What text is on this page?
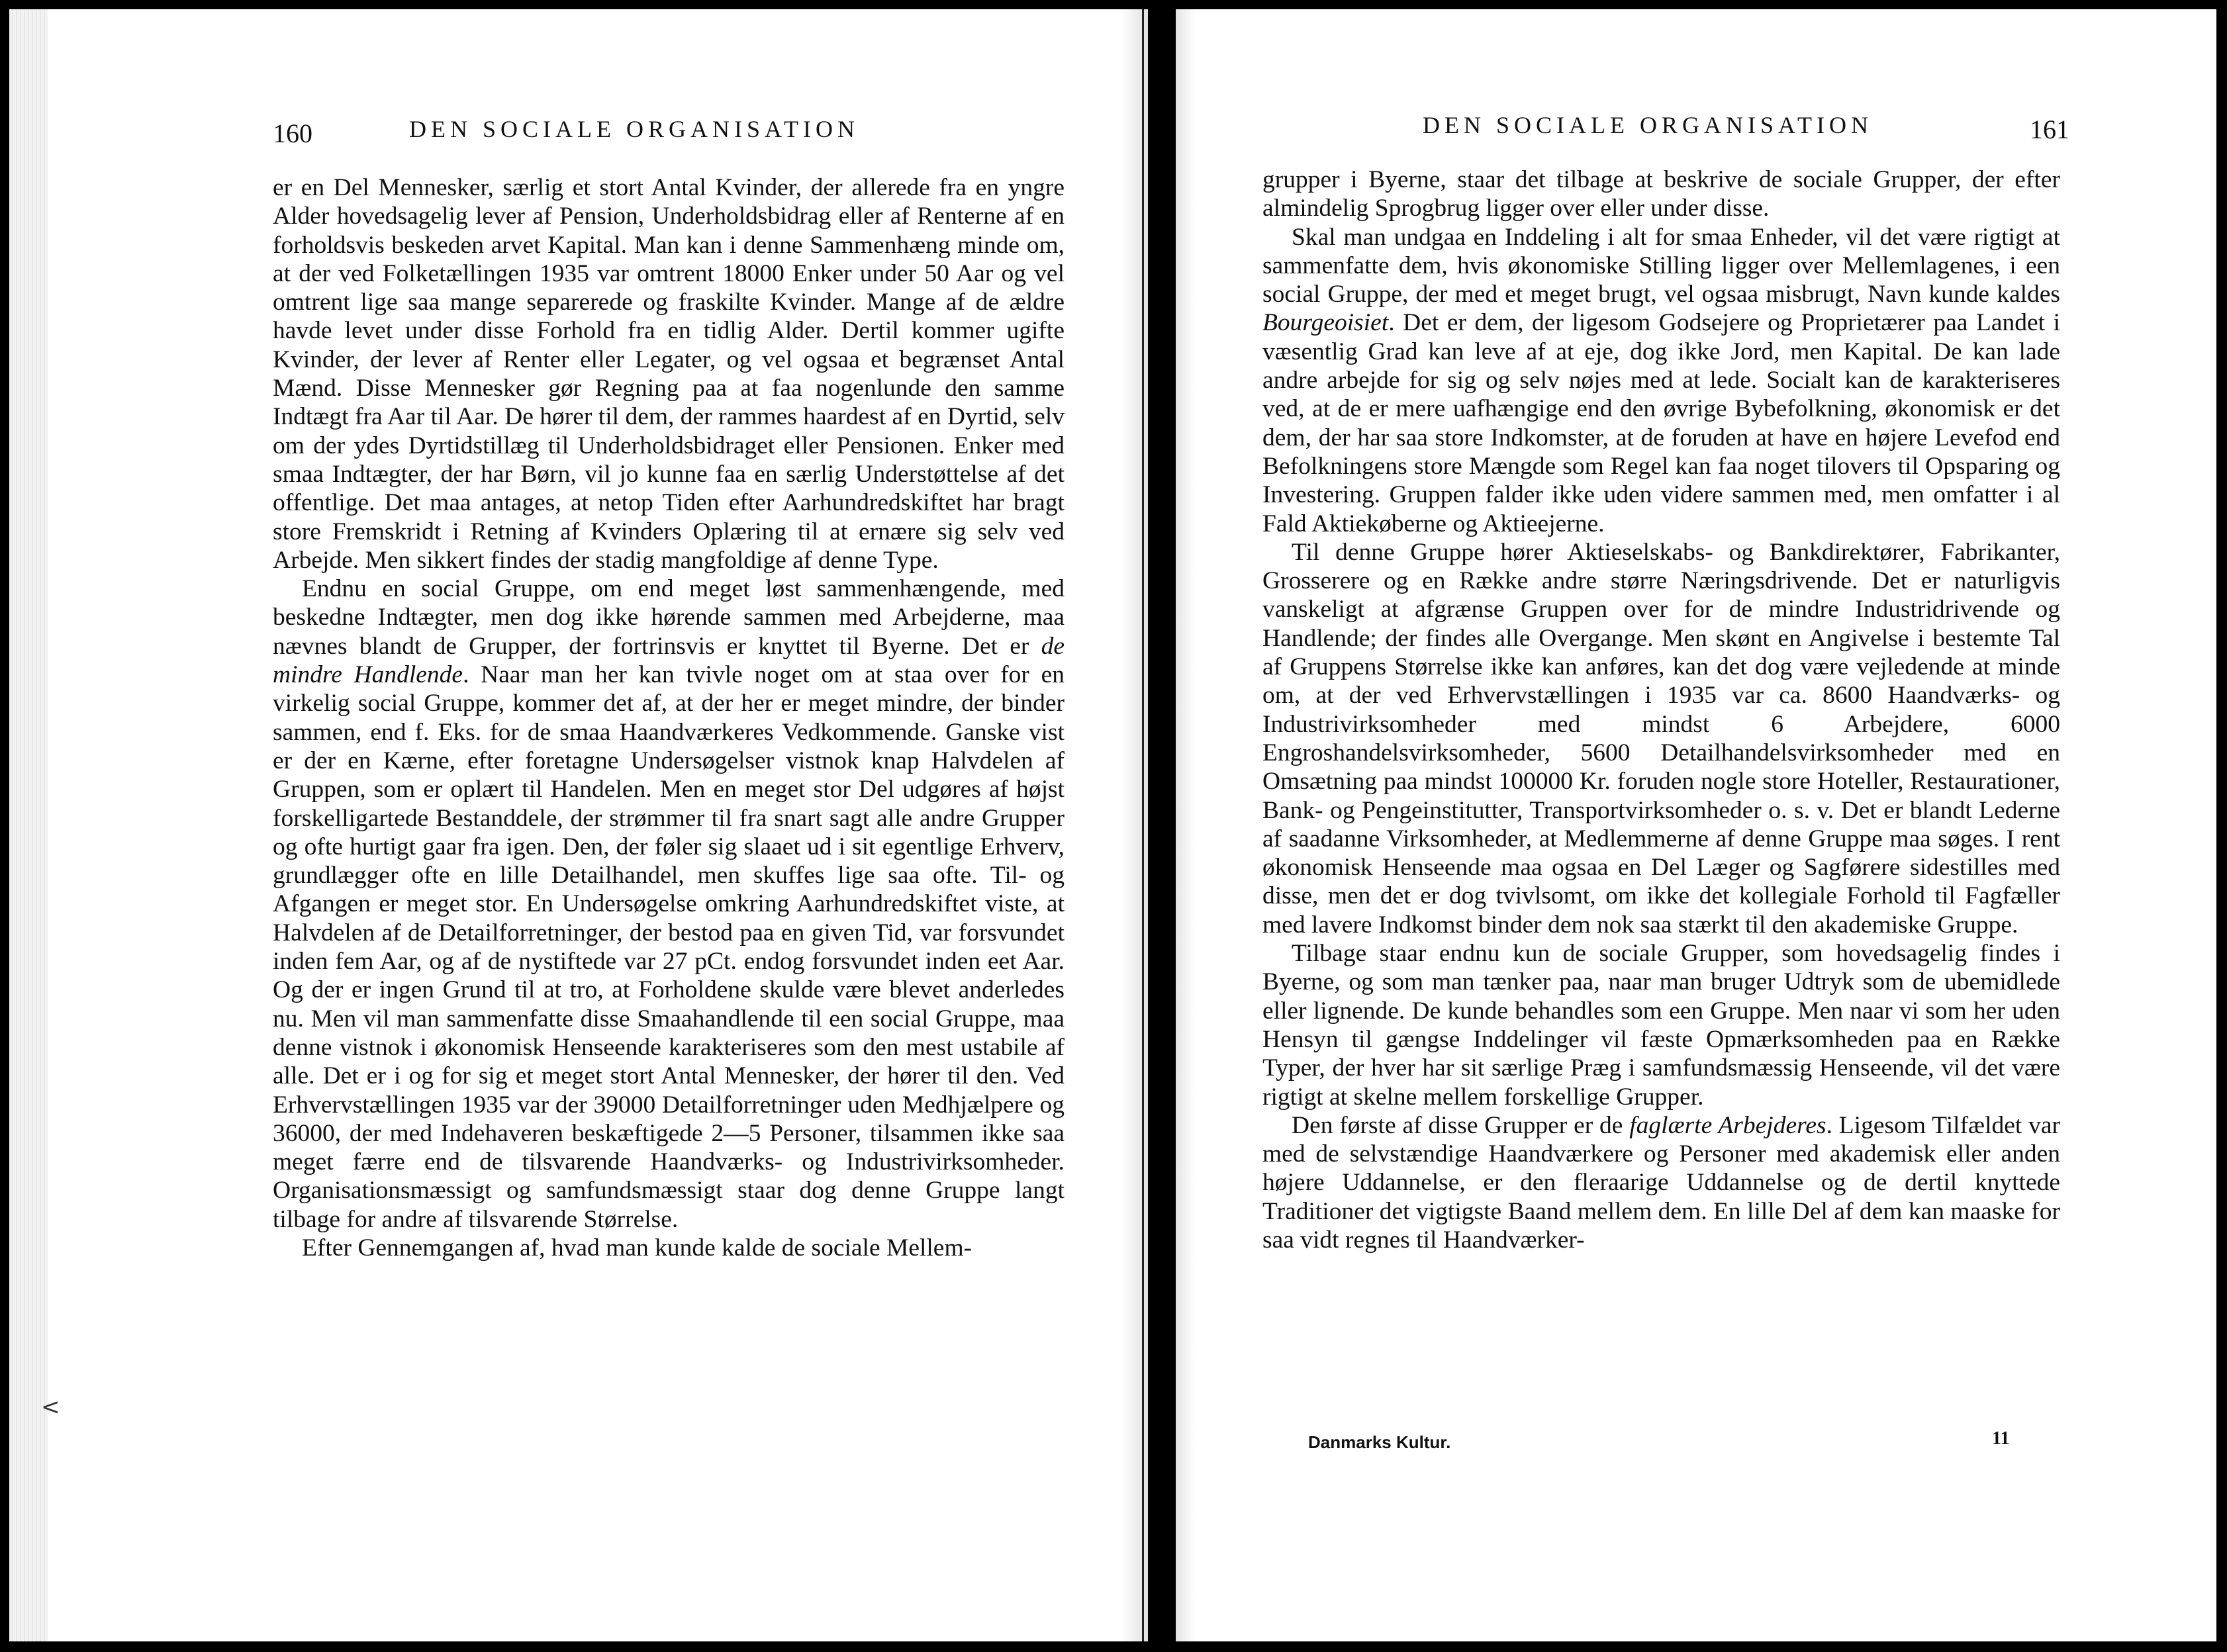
<
160	DEN SOCIALE ORGANISATION

er en Del Mennesker, særlig et stort Antal Kvinder, der allerede fra en yngre Alder hovedsagelig lever af Pension, Underholdsbidrag eller af Renterne af en forholdsvis beskeden arvet Kapital. Man kan i denne Sammenhæng minde om, at der ved Folketællingen 1935 var omtrent 18000 Enker under 50 Aar og vel omtrent lige saa mange separerede og fraskilte Kvinder. Mange af de ældre havde levet under disse Forhold fra en tidlig Alder. Dertil kommer ugifte Kvinder, der lever af Renter eller Legater, og vel ogsaa et begrænset Antal Mænd. Disse Mennesker gør Regning paa at faa nogenlunde den samme Indtægt fra Aar til Aar. De hører til dem, der rammes haardest af en Dyrtid, selv om der ydes Dyrtidstillæg til Underholdsbidraget eller Pensionen. Enker med smaa Indtægter, der har Børn, vil jo kunne faa en særlig Understøttelse af det offentlige. Det maa antages, at netop Tiden efter Aarhundredskiftet har bragt store Fremskridt i Retning af Kvinders Oplæring til at ernære sig selv ved Arbejde. Men sikkert findes der stadig mangfoldige af denne Type.

Endnu en social Gruppe, om end meget løst sammenhængende, med beskedne Indtægter, men dog ikke hørende sammen med Arbejderne, maa nævnes blandt de Grupper, der fortrinsvis er knyttet til Byerne. Det er de mindre Handlende. Naar man her kan tvivle noget om at staa over for en virkelig social Gruppe, kommer det af, at der her er meget mindre, der binder sammen, end f. Eks. for de smaa Haandværkeres Vedkommende. Ganske vist er der en Kærne, efter foretagne Undersøgelser vistnok knap Halvdelen af Gruppen, som er oplært til Handelen. Men en meget stor Del udgøres af højst forskelligartede Bestanddele, der strømmer til fra snart sagt alle andre Grupper og ofte hurtigt gaar fra igen. Den, der føler sig slaaet ud i sit egentlige Erhverv, grundlægger ofte en lille Detailhandel, men skuffes lige saa ofte. Til- og Afgangen er meget stor. En Undersøgelse omkring Aarhundredskiftet viste, at Halvdelen af de Detailforretninger, der bestod paa en given Tid, var forsvundet inden fem Aar, og af de nystiftede var 27 pCt. endog forsvundet inden eet Aar. Og der er ingen Grund til at tro, at Forholdene skulde være blevet anderledes nu. Men vil man sammenfatte disse Smaahandlende til een social Gruppe, maa denne vistnok i økonomisk Henseende karakteriseres som den mest ustabile af alle. Det er i og for sig et meget stort Antal Mennesker, der hører til den. Ved Erhvervstællingen 1935 var der 39000 Detailforretninger uden Medhjælpere og 36000, der med Indehaveren beskæftigede 2—5 Personer, tilsammen ikke saa meget færre end de tilsvarende Haandværks- og Industrivirksomheder. Organisationsmæssigt og samfundsmæssigt staar dog denne Gruppe langt tilbage for andre af tilsvarende Størrelse.

Efter Gennemgangen af, hvad man kunde kalde de sociale Mellem-

DEN SOCIALE ORGANISATION	161

grupper i Byerne, staar det tilbage at beskrive de sociale Grupper, der efter almindelig Sprogbrug ligger over eller under disse.

Skal man undgaa en Inddeling i alt for smaa Enheder, vil det være rigtigt at sammenfatte dem, hvis økonomiske Stilling ligger over Mellemlagenes, i een social Gruppe, der med et meget brugt, vel ogsaa misbrugt, Navn kunde kaldes Bourgeoisiet. Det er dem, der ligesom Godsejere og Proprietærer paa Landet i væsentlig Grad kan leve af at eje, dog ikke Jord, men Kapital. De kan lade andre arbejde for sig og selv nøjes med at lede. Socialt kan de karakteriseres ved, at de er mere uafhængige end den øvrige Bybefolkning, økonomisk er det dem, der har saa store Indkomster, at de foruden at have en højere Levefod end Befolkningens store Mængde som Regel kan faa noget tilovers til Opsparing og Investering. Gruppen falder ikke uden videre sammen med, men omfatter i al Fald Aktiekøberne og Aktieejerne.

Til denne Gruppe hører Aktieselskabs- og Bankdirektører, Fabrikanter, Grosserere og en Række andre større Næringsdrivende. Det er naturligvis vanskeligt at afgrænse Gruppen over for de mindre Industridrivende og Handlende; der findes alle Overgange. Men skønt en Angivelse i bestemte Tal af Gruppens Størrelse ikke kan anføres, kan det dog være vejledende at minde om, at der ved Erhvervstællingen i 1935 var ca. 8600 Haandværks- og Industrivirksomheder med mindst 6 Arbejdere, 6000 Engroshandelsvirksomheder, 5600 Detailhandelsvirksomheder med en Omsætning paa mindst 100000 Kr. foruden nogle store Hoteller, Restaurationer, Bank- og Pengeinstitutter, Transportvirksomheder o. s. v. Det er blandt Lederne af saadanne Virksomheder, at Medlemmerne af denne Gruppe maa søges. I rent økonomisk Henseende maa ogsaa en Del Læger og Sagførere sidestilles med disse, men det er dog tvivlsomt, om ikke det kollegiale Forhold til Fagfæller med lavere Indkomst binder dem nok saa stærkt til den akademiske Gruppe.

Tilbage staar endnu kun de sociale Grupper, som hovedsagelig findes i Byerne, og som man tænker paa, naar man bruger Udtryk som de ubemidlede eller lignende. De kunde behandles som een Gruppe. Men naar vi som her uden Hensyn til gængse Inddelinger vil fæste Opmærksomheden paa en Række Typer, der hver har sit særlige Præg i samfundsmæssig Henseende, vil det være rigtigt at skelne mellem forskellige Grupper.

Den første af disse Grupper er de faglærte Arbejderes. Ligesom Tilfældet var med de selvstændige Haandværkere og Personer med akademisk eller anden højere Uddannelse, er den fleraarige Uddannelse og de dertil knyttede Traditioner det vigtigste Baand mellem dem. En lille Del af dem kan maaske for saa vidt regnes til Haandværker-

Danmarks Kultur.	11
